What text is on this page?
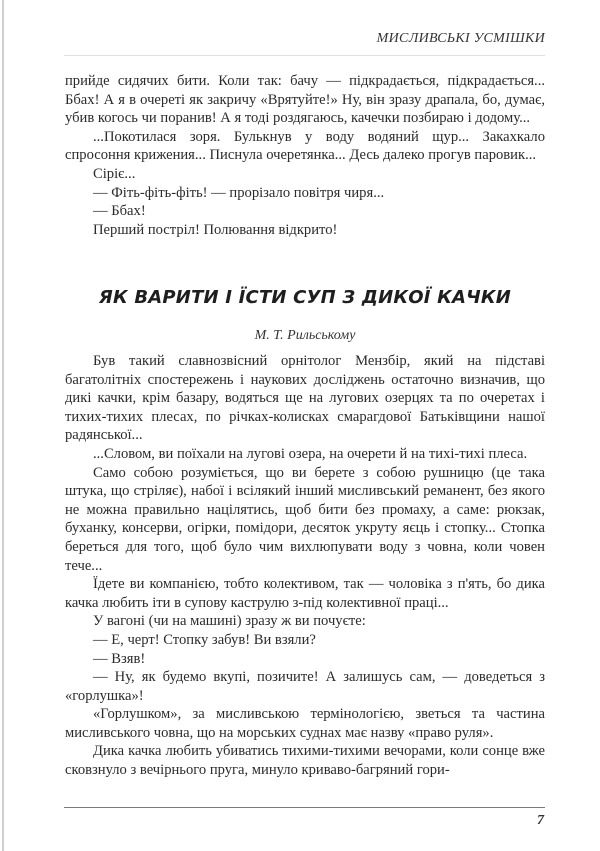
МИСЛИВСЬКІ УСМІШКИ

прийде сидячих бити. Коли так: бачу — підкрадається, підкрадається... Ббах! А я в очереті як закричу «Врятуйте!» Ну, він зразу драпала, бо, думає, убив когось чи поранив! А я тоді роздягаюсь, качечки позбираю і додому...

...Покотилася зоря. Булькнув у воду водяний щур... Закахкало спросоння крижения... Писнула очеретянка... Десь далеко прогув паровик...

Сіріє...

— Фіть-фіть-фіть! — прорізало повітря чиря...

— Ббах!

Перший постріл! Полювання відкрито!

ЯК ВАРИТИ І ЇСТИ СУП З ДИКОЇ КАЧКИ
М. Т. Рильському

Був такий славнозвісний орнітолог Мензбір, який на підставі багатолітніх спостережень і наукових досліджень остаточно визначив, що дикі качки, крім базару, водяться ще на лугових озерцях та по очеретах і тихих-тихих плесах, по річках-колисках смарагдової Батьківщини нашої радянської...

...Словом, ви поїхали на лугові озера, на очерети й на тихі-тихі плеса.

Само собою розуміється, що ви берете з собою рушницю (це така штука, що стріляє), набої і всілякий інший мисливський реманент, без якого не можна правильно націлятись, щоб бити без промаху, а саме: рюкзак, буханку, консерви, огірки, помідори, десяток укруту яєць і стопку... Стопка береться для того, щоб було чим вихлюпувати воду з човна, коли човен тече...

Їдете ви компанією, тобто колективом, так — чоловіка з п'ять, бо дика качка любить іти в супову каструлю з-під колективної праці...

У вагоні (чи на машині) зразу ж ви почуєте:

— Е, черт! Стопку забув! Ви взяли?

— Взяв!

— Ну, як будемо вкупі, позичите! А залишусь сам, — доведеться з «горлушка»!

«Горлушком», за мисливською термінологією, зветься та частина мисливського човна, що на морських суднах має назву «право руля».

Дика качка любить убиватись тихими-тихими вечорами, коли сонце вже сковзнуло з вечірнього пруга, минуло криваво-багряний гори-

7
